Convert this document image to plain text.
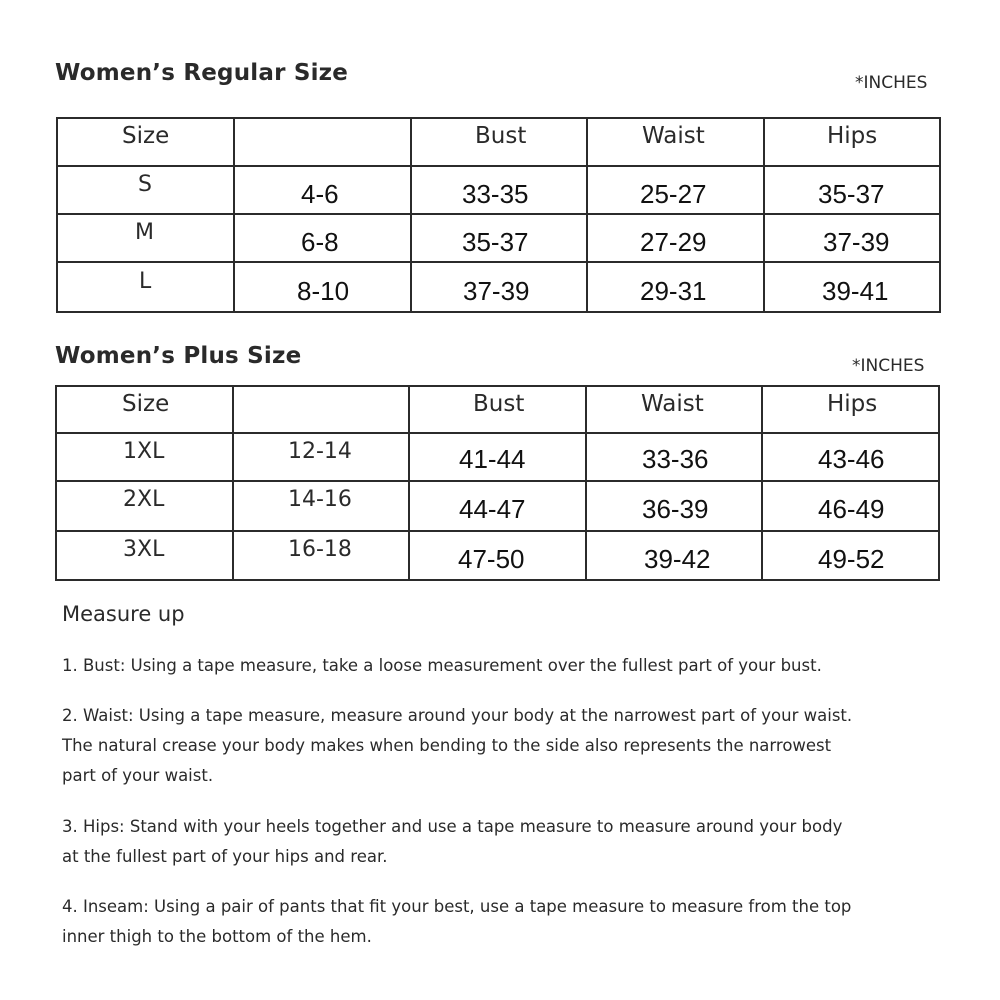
Women’s Regular Size	*INCHES
Size		Bust	Waist	Hips

S	4-6	33-35	25-27	35-37

M	6-8	35-37	27-29	37-39

L	8-10	37-39	29-31	39-41
Women’s Plus Size	*INCHES
Size		Bust	Waist	Hips

1XL	12-14	41-44	33-36	43-46

2XL	14-16	44-47	36-39	46-49

3XL	16-18	47-50	39-42	49-52
Measure up
1. Bust: Using a tape measure, take a loose measurement over the fullest part of your bust.
2. Waist: Using a tape measure, measure around your body at the narrowest part of your waist.
The natural crease your body makes when bending to the side also represents the narrowest
part of your waist.
3. Hips: Stand with your heels together and use a tape measure to measure around your body
at the fullest part of your hips and rear.
4. Inseam: Using a pair of pants that fit your best, use a tape measure to measure from the top
inner thigh to the bottom of the hem.
